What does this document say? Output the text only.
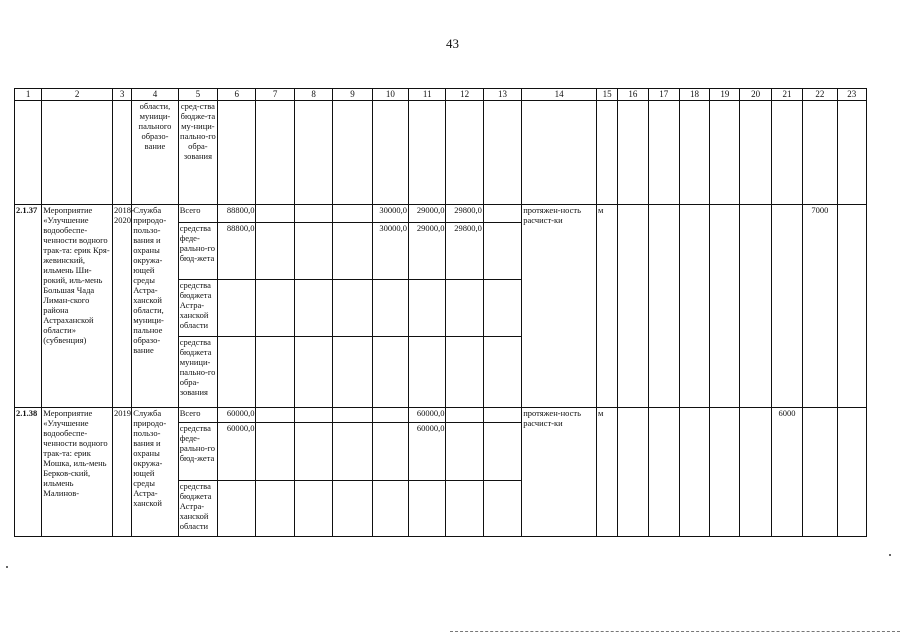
43
1	2	3	4	5	6	7	8	9	10	11	12	13	14	15	16	17	18	19	20	21	22	23
			области, муници-пального образо-вание	сред-ства бюдже-та му-ници-пально-го обра-зования																		
2.1.37	Мероприятие «Улучшение водообеспе-ченности водного трак-та: ерик Кря-жевинский, ильмень Ши-рокий, иль-мень Большая Чада Лиман-ского района Астраханской области» (субвенция)	2018-2020	Служба природо-пользо-вания и охраны окружа-ющей среды Астра-ханской области, муници-пальное образо-вание	Всего	88800,0				30000,0	29000,0	29800,0		протяжен-ность расчист-ки	м							7000	
				средства феде-рально-го бюд-жета	88800,0				30000,0	29000,0	29800,0											
				средства бюджета Астра-ханской области																		
				средства бюджета муници-пально-го обра-зования																		
2.1.38	Мероприятие «Улучшение водообеспе-ченности водного трак-та: ерик Мошка, иль-мень Берков-ский, ильмень Малинов-	2019	Служба природо-пользо-вания и охраны окружа-ющей среды Астра-ханской	Всего	60000,0					60000,0			протяжен-ность расчист-ки	м						6000		
				средства феде-рально-го бюд-жета	60000,0					60000,0												
				средства бюджета Астра-ханской области																		
